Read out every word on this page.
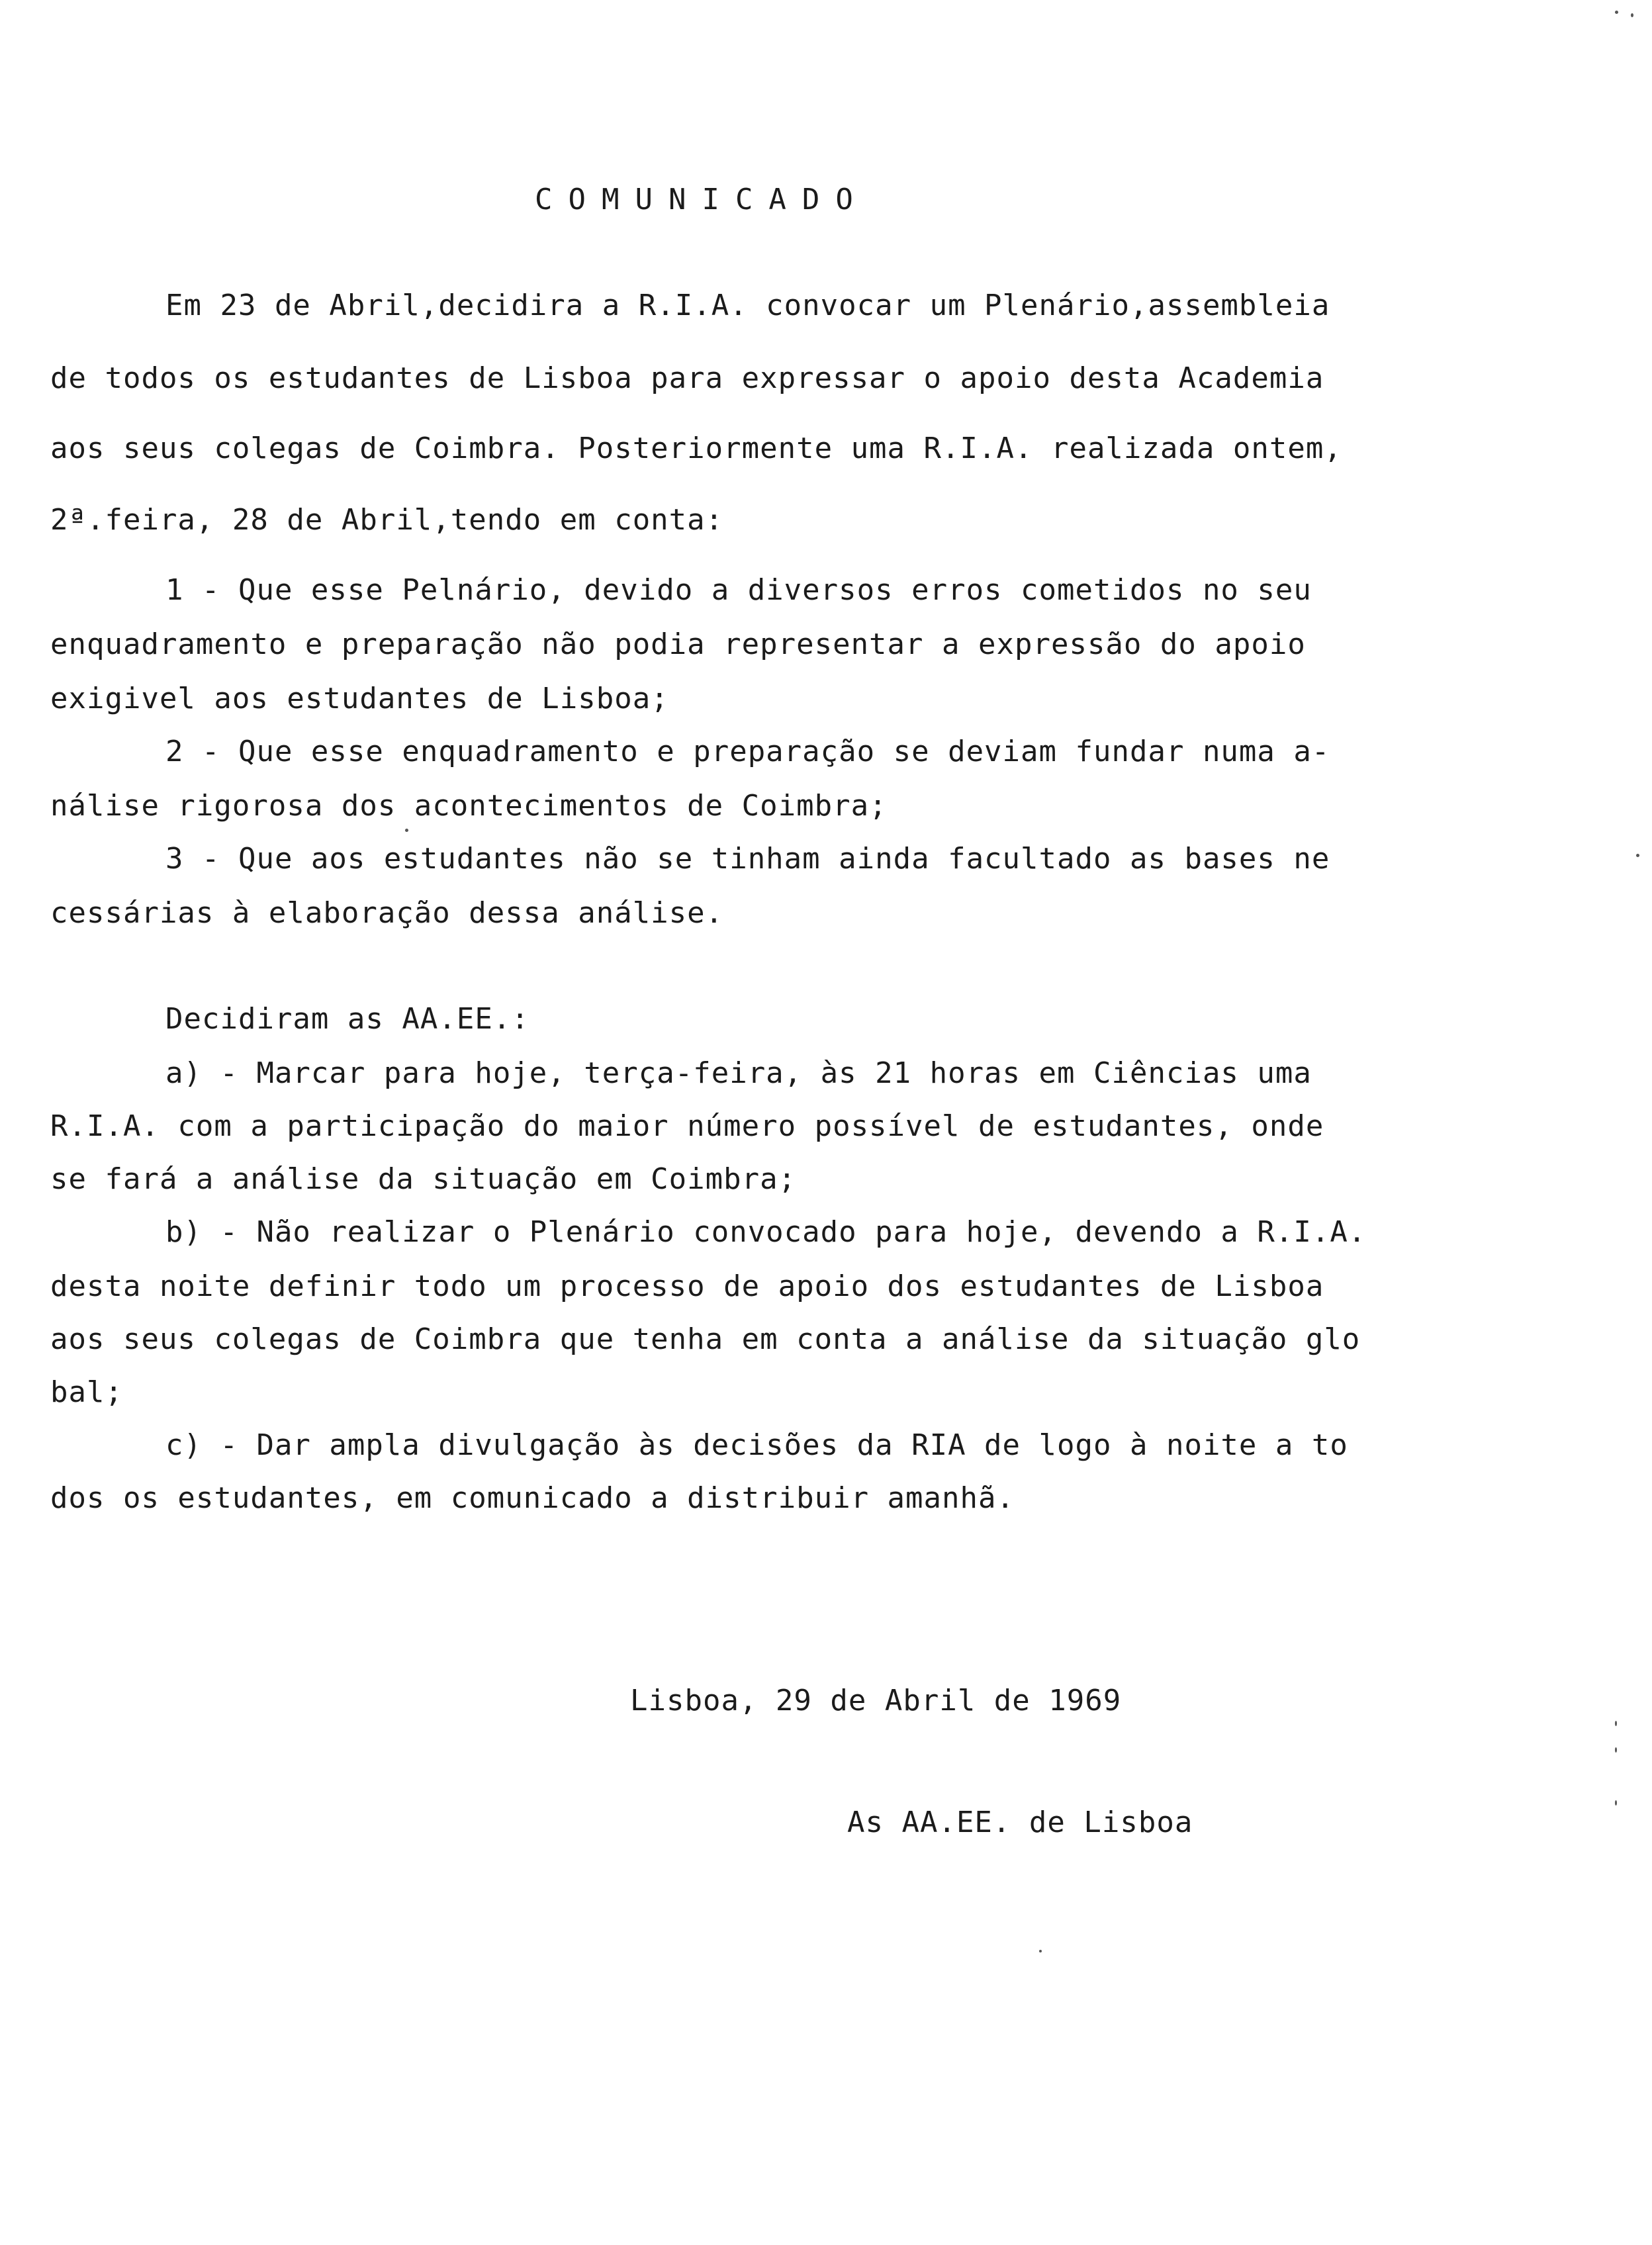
COMUNICADO
Em 23 de Abril,decidira a R.I.A. convocar um Plenário,assembleia
de todos os estudantes de Lisboa para expressar o apoio desta Academia
aos seus colegas de Coimbra. Posteriormente uma R.I.A. realizada ontem,
2ª.feira, 28 de Abril,tendo em conta:
1 - Que esse Pelnário, devido a diversos erros cometidos no seu
enquadramento e preparação não podia representar a expressão do apoio
exigivel aos estudantes de Lisboa;
2 - Que esse enquadramento e preparação se deviam fundar numa a-
nálise rigorosa dos acontecimentos de Coimbra;
3 - Que aos estudantes não se tinham ainda facultado as bases ne
cessárias à elaboração dessa análise.
Decidiram as AA.EE.:
a) - Marcar para hoje, terça-feira, às 21 horas em Ciências uma
R.I.A. com a participação do maior número possível de estudantes, onde
se fará a análise da situação em Coimbra;
b) - Não realizar o Plenário convocado para hoje, devendo a R.I.A.
desta noite definir todo um processo de apoio dos estudantes de Lisboa
aos seus colegas de Coimbra que tenha em conta a análise da situação glo
bal;
c) - Dar ampla divulgação às decisões da RIA de logo à noite a to
dos os estudantes, em comunicado a distribuir amanhã.
Lisboa, 29 de Abril de 1969
As AA.EE. de Lisboa
